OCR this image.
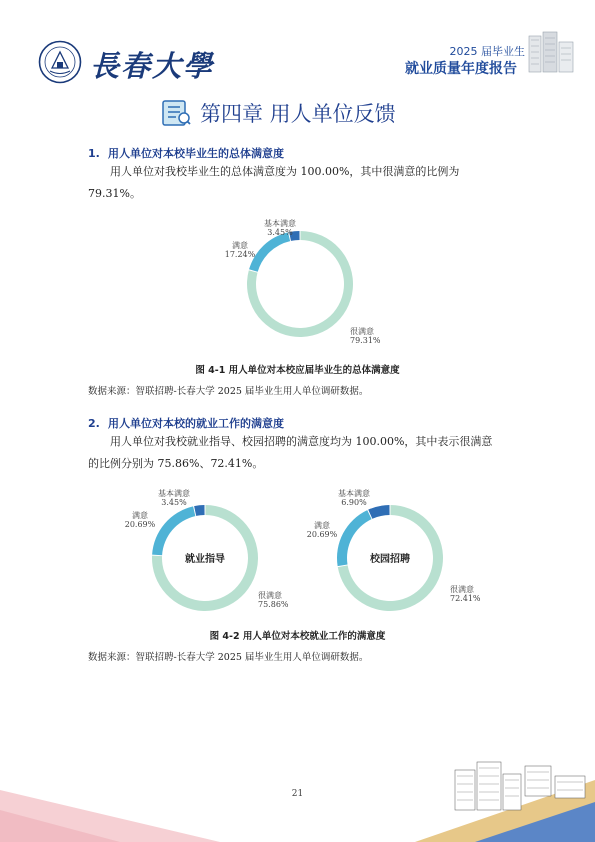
長春大學	2025 届毕业生
就业质量年度报告
第四章 用人单位反馈
1. 用人单位对本校毕业生的总体满意度
用人单位对我校毕业生的总体满意度为 100.00%，其中很满意的比例为
79.31%。
很满意
79.31%
满意
17.24%
基本满意
3.45%
图 4-1 用人单位对本校应届毕业生的总体满意度
数据来源：智联招聘-长春大学 2025 届毕业生用人单位调研数据。
2. 用人单位对本校的就业工作的满意度
用人单位对我校就业指导、校园招聘的满意度均为 100.00%，其中表示很满意
的比例分别为 75.86%、72.41%。
很满意
75.86%
满意
20.69%
基本满意
3.45%
就业指导
很满意
72.41%
满意
20.69%
基本满意
6.90%
校园招聘
图 4-2 用人单位对本校就业工作的满意度
数据来源：智联招聘-长春大学 2025 届毕业生用人单位调研数据。
21
